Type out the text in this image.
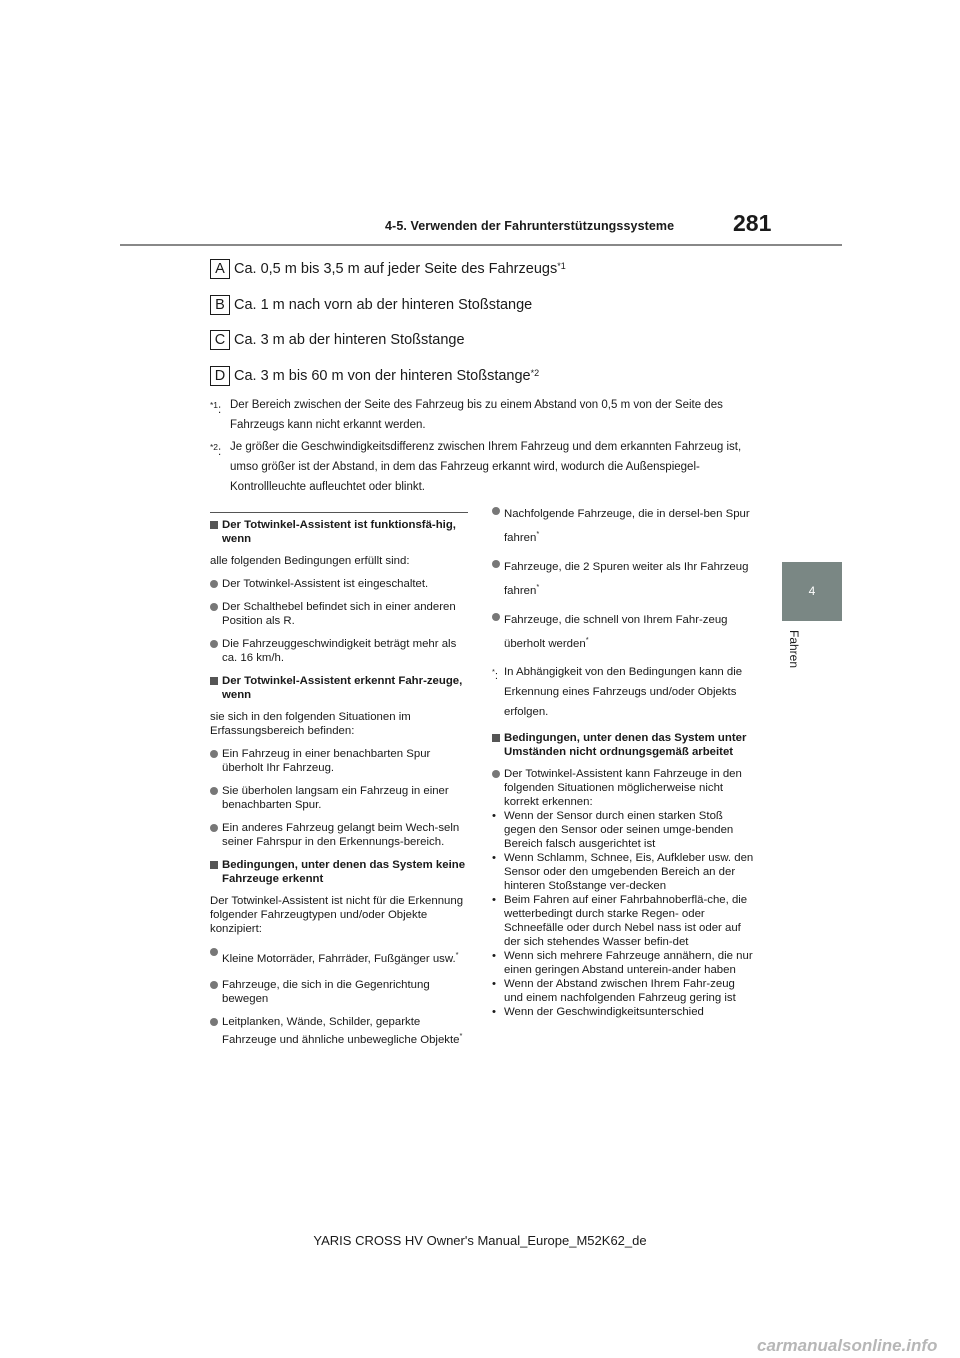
4-5. Verwenden der Fahrunterstützungssysteme	281
4
Fahren
A Ca. 0,5 m bis 3,5 m auf jeder Seite des Fahrzeugs$^{*1}$
B Ca. 1 m nach vorn ab der hinteren Stoßstange
C Ca. 3 m ab der hinteren Stoßstange
D Ca. 3 m bis 60 m von der hinteren Stoßstange$^{*2}$
$^{*1}$: Der Bereich zwischen der Seite des Fahrzeug bis zu einem Abstand von 0,5 m von der Seite des Fahrzeugs kann nicht erkannt werden.
$^{*2}$: Je größer die Geschwindigkeitsdifferenz zwischen Ihrem Fahrzeug und dem erkannten Fahrzeug ist, umso größer ist der Abstand, in dem das Fahrzeug erkannt wird, wodurch die Außenspiegel-Kontrollleuchte aufleuchtet oder blinkt.
Der Totwinkel-Assistent ist funktionsfä-hig, wenn

alle folgenden Bedingungen erfüllt sind:

Der Totwinkel-Assistent ist eingeschaltet.
Der Schalthebel befindet sich in einer anderen Position als R.
Die Fahrzeuggeschwindigkeit beträgt mehr als ca. 16 km/h.
Der Totwinkel-Assistent erkennt Fahr-zeuge, wenn

sie sich in den folgenden Situationen im Erfassungsbereich befinden:

Ein Fahrzeug in einer benachbarten Spur überholt Ihr Fahrzeug.
Sie überholen langsam ein Fahrzeug in einer benachbarten Spur.
Ein anderes Fahrzeug gelangt beim Wech-seln seiner Fahrspur in den Erkennungs-bereich.
Bedingungen, unter denen das System keine Fahrzeuge erkennt

Der Totwinkel-Assistent ist nicht für die Erkennung folgender Fahrzeugtypen und/oder Objekte konzipiert:

Kleine Motorräder, Fahrräder, Fußgänger usw.*
Fahrzeuge, die sich in die Gegenrichtung bewegen
Leitplanken, Wände, Schilder, geparkte Fahrzeuge und ähnliche unbewegliche Objekte*
Nachfolgende Fahrzeuge, die in dersel-ben Spur fahren*
Fahrzeuge, die 2 Spuren weiter als Ihr Fahrzeug fahren*
Fahrzeuge, die schnell von Ihrem Fahr-zeug überholt werden*
*: In Abhängigkeit von den Bedingungen kann die Erkennung eines Fahrzeugs und/oder Objekts erfolgen.
Bedingungen, unter denen das System unter Umständen nicht ordnungsgemäß arbeitet
Der Totwinkel-Assistent kann Fahrzeuge in den folgenden Situationen möglicherweise nicht korrekt erkennen:
• Wenn der Sensor durch einen starken Stoß gegen den Sensor oder seinen umge-benden Bereich falsch ausgerichtet ist
• Wenn Schlamm, Schnee, Eis, Aufkleber usw. den Sensor oder den umgebenden Bereich an der hinteren Stoßstange ver-decken
• Beim Fahren auf einer Fahrbahnoberflä-che, die wetterbedingt durch starke Regen- oder Schneefälle oder durch Nebel nass ist oder auf der sich stehendes Wasser befin-det
• Wenn sich mehrere Fahrzeuge annähern, die nur einen geringen Abstand unterein-ander haben
• Wenn der Abstand zwischen Ihrem Fahr-zeug und einem nachfolgenden Fahrzeug gering ist
• Wenn der Geschwindigkeitsunterschied
YARIS CROSS HV Owner's Manual_Europe_M52K62_de
carmanualsonline.info
